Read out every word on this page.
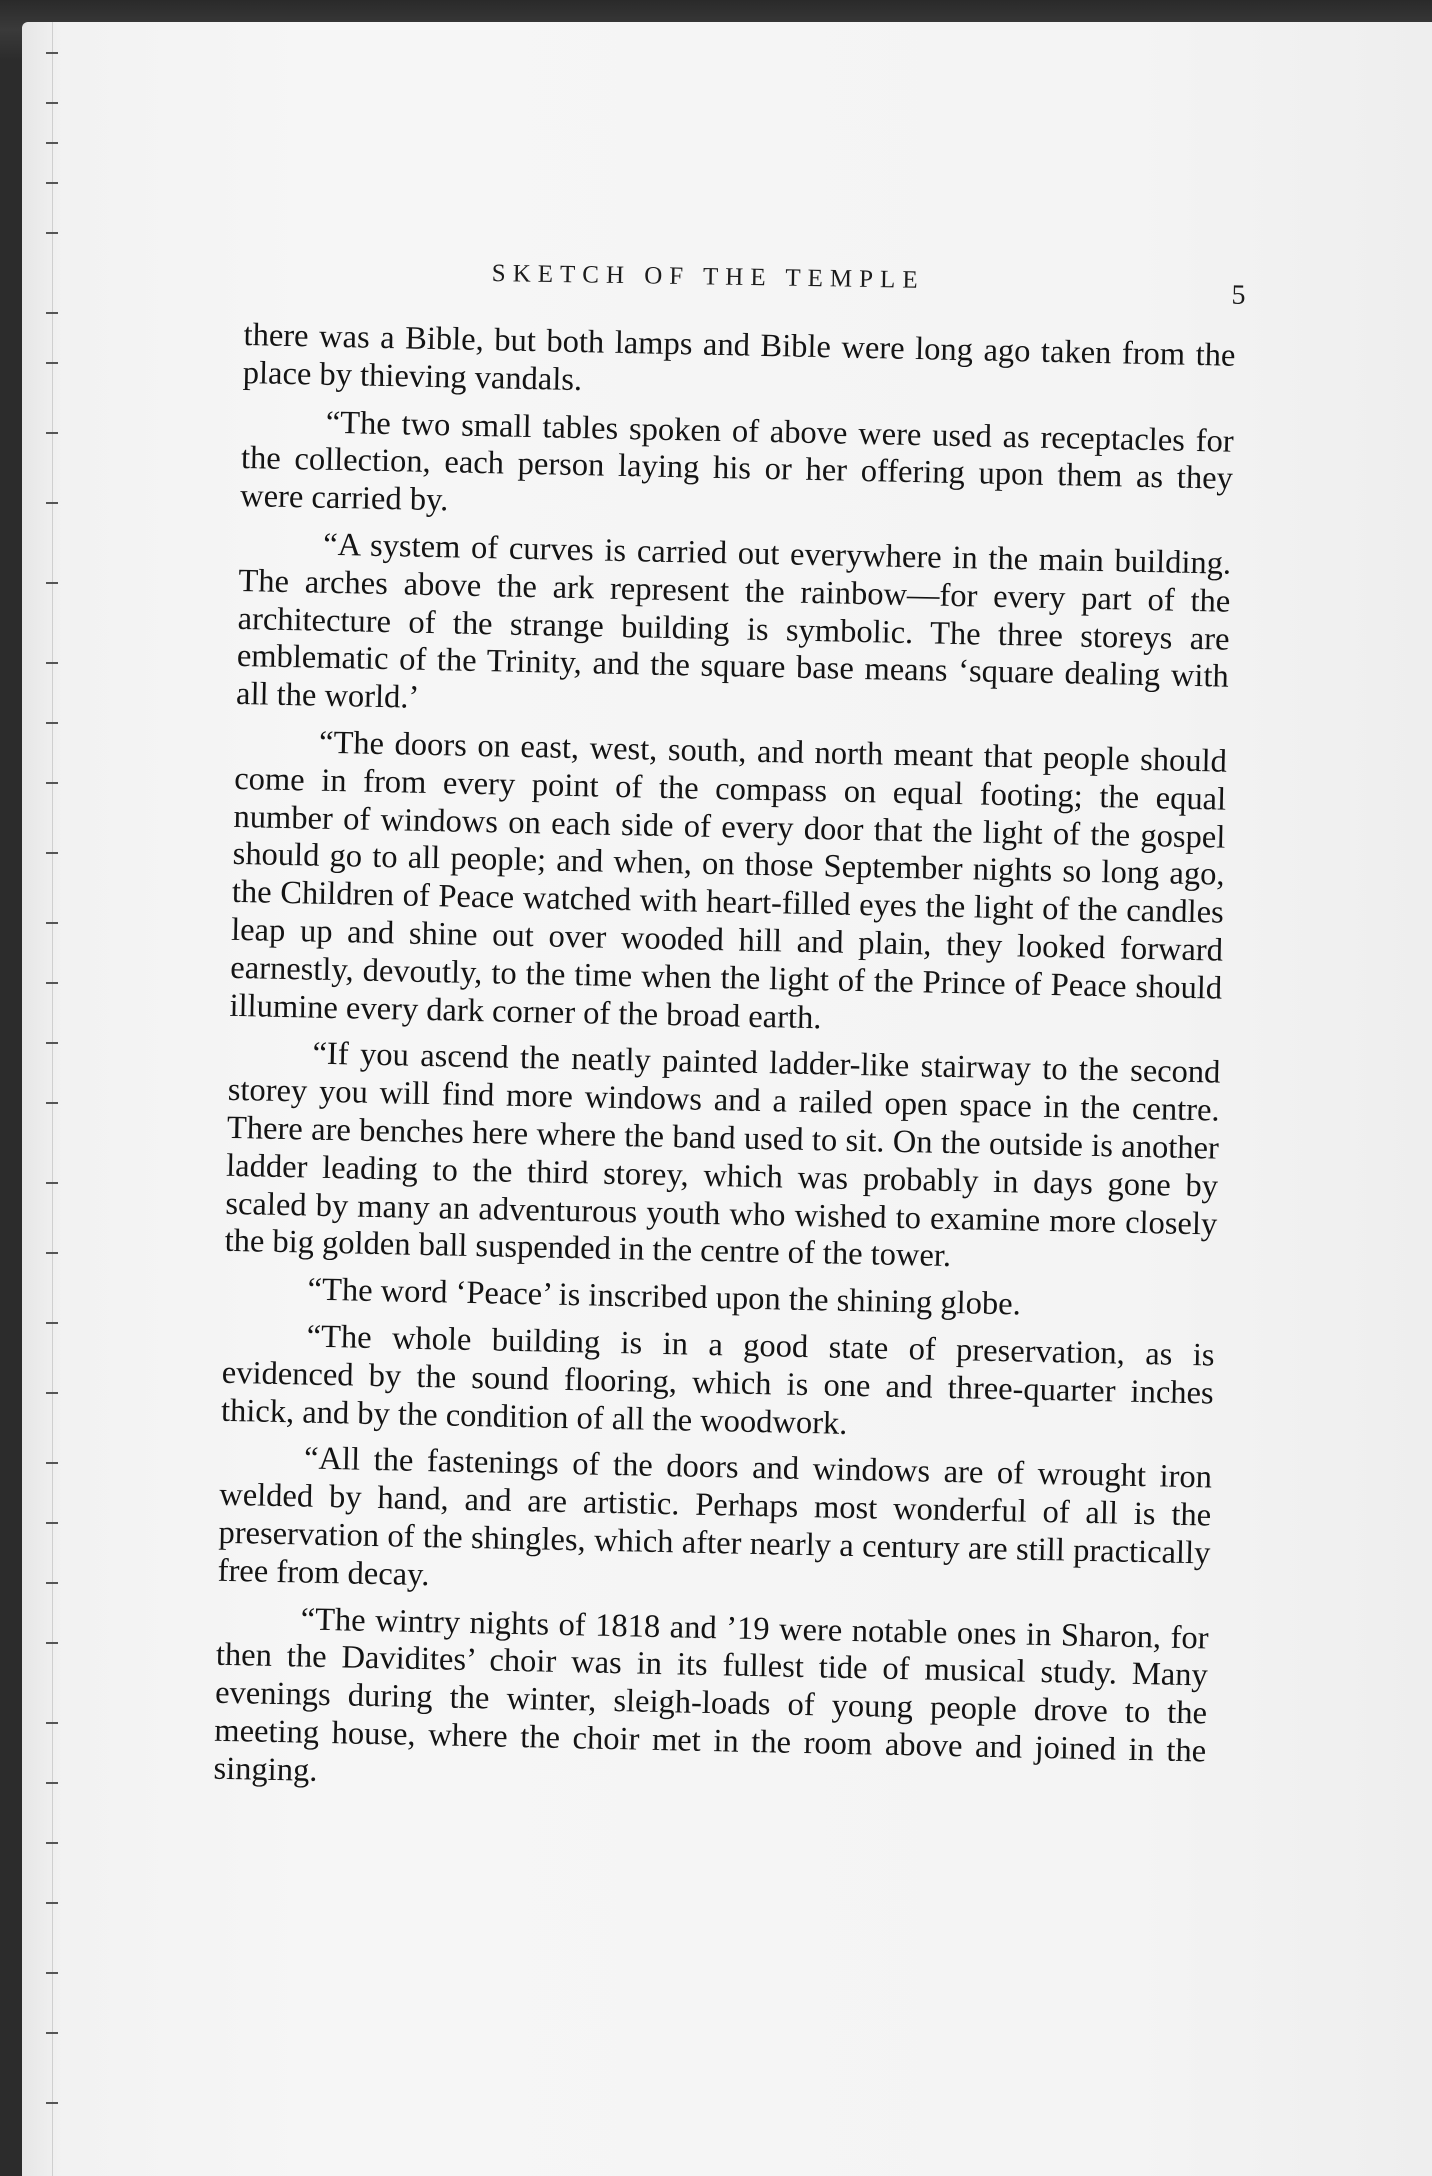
SKETCH OF THE TEMPLE
5

there was a Bible, but both lamps and Bible were long ago taken from the place by thieving vandals.

“The two small tables spoken of above were used as receptacles for the collection, each person laying his or her offering upon them as they were carried by.

“A system of curves is carried out everywhere in the main building. The arches above the ark represent the rainbow—for every part of the architecture of the strange building is symbolic. The three storeys are emblematic of the Trinity, and the square base means ‘square dealing with all the world.’

“The doors on east, west, south, and north meant that people should come in from every point of the compass on equal footing; the equal number of windows on each side of every door that the light of the gospel should go to all people; and when, on those September nights so long ago, the Children of Peace watched with heart-filled eyes the light of the candles leap up and shine out over wooded hill and plain, they looked forward earnestly, devoutly, to the time when the light of the Prince of Peace should illumine every dark corner of the broad earth.

“If you ascend the neatly painted ladder-like stairway to the second storey you will find more windows and a railed open space in the centre. There are benches here where the band used to sit. On the outside is another ladder leading to the third storey, which was probably in days gone by scaled by many an adventurous youth who wished to examine more closely the big golden ball suspended in the centre of the tower.

“The word ‘Peace’ is inscribed upon the shining globe.

“The whole building is in a good state of preservation, as is evidenced by the sound flooring, which is one and three-quarter inches thick, and by the condition of all the woodwork.

“All the fastenings of the doors and windows are of wrought iron welded by hand, and are artistic. Perhaps most wonderful of all is the preservation of the shingles, which after nearly a century are still practically free from decay.

“The wintry nights of 1818 and ’19 were notable ones in Sharon, for then the Davidites’ choir was in its fullest tide of musical study. Many evenings during the winter, sleigh-loads of young people drove to the meeting house, where the choir met in the room above and joined in the singing.
